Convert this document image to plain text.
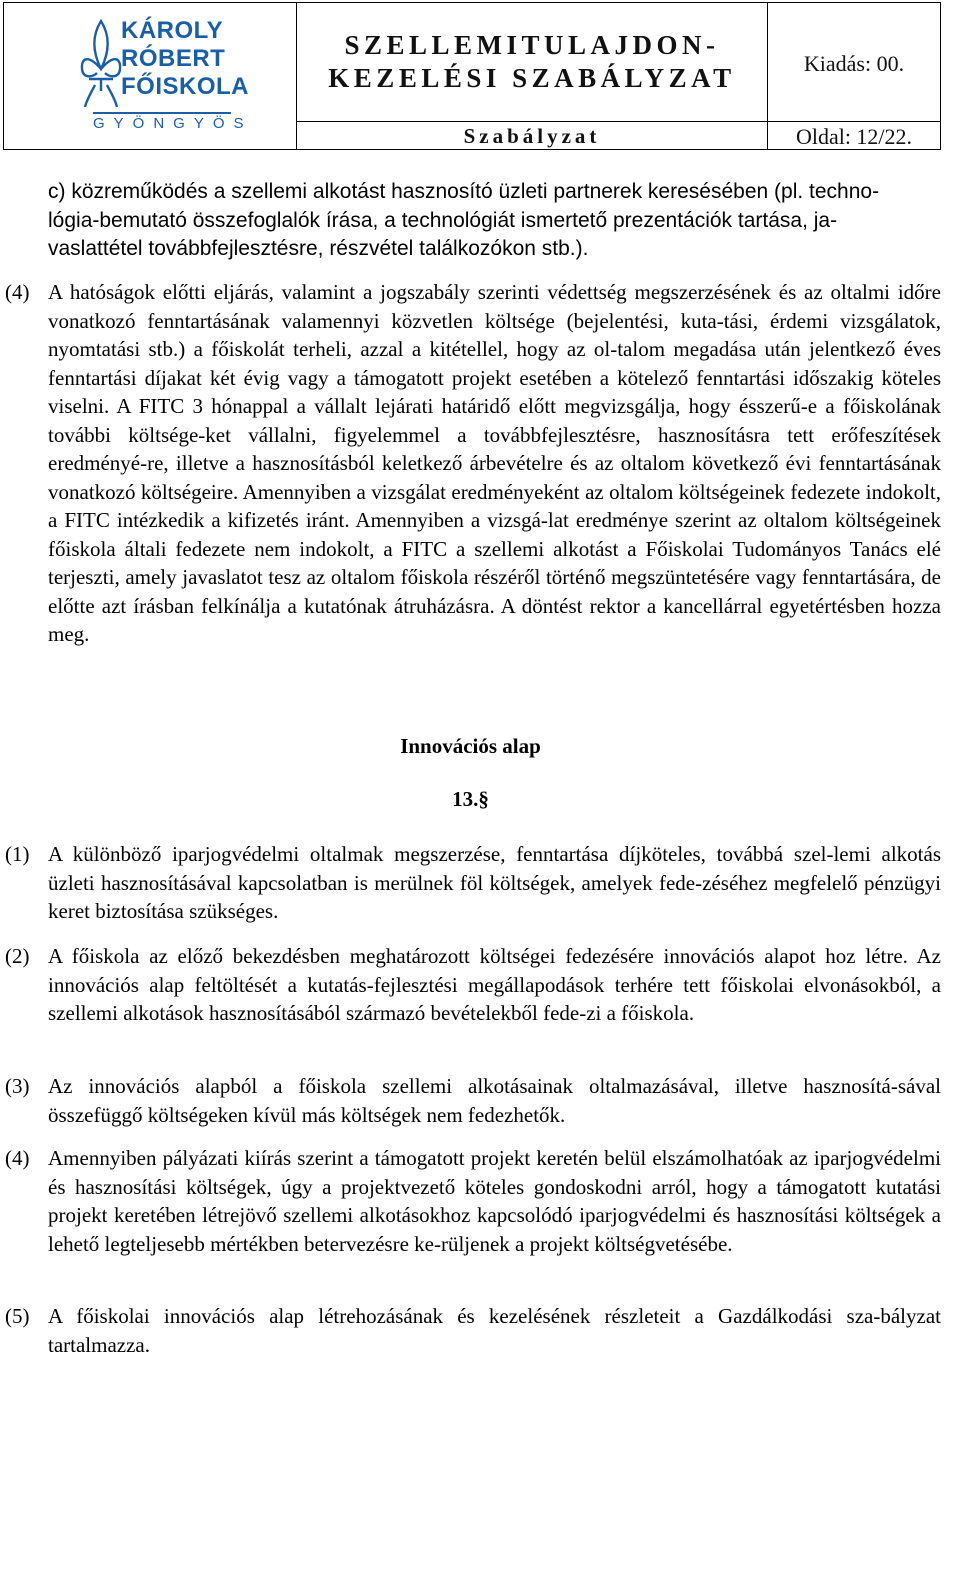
KÁROLY
RÓBERT
FŐISKOLA
GYÖNGYÖS
SZELLEMITULAJDON-
KEZELÉSI SZABÁLYZAT	Kiadás: 00.
Szabályzat	Oldal: 12/22.
c) közreműködés a szellemi alkotást hasznosító üzleti partnerek keresésében (pl. techno-
lógia-bemutató összefoglalók írása, a technológiát ismertető prezentációk tartása, ja-
vaslattétel továbbfejlesztésre, részvétel találkozókon stb.).
(4) A hatóságok előtti eljárás, valamint a jogszabály szerinti védettség megszerzésének és az oltalmi időre vonatkozó fenntartásának valamennyi közvetlen költsége (bejelentési, kuta-tási, érdemi vizsgálatok, nyomtatási stb.) a főiskolát terheli, azzal a kitétellel, hogy az ol-talom megadása után jelentkező éves fenntartási díjakat két évig vagy a támogatott projekt esetében a kötelező fenntartási időszakig köteles viselni. A FITC 3 hónappal a vállalt lejárati határidő előtt megvizsgálja, hogy ésszerű-e a főiskolának további költsége-ket vállalni, figyelemmel a továbbfejlesztésre, hasznosításra tett erőfeszítések eredményé-re, illetve a hasznosításból keletkező árbevételre és az oltalom következő évi fenntartásának vonatkozó költségeire. Amennyiben a vizsgálat eredményeként az oltalom költségeinek fedezete indokolt, a FITC intézkedik a kifizetés iránt. Amennyiben a vizsgá-lat eredménye szerint az oltalom költségeinek főiskola általi fedezete nem indokolt, a FITC a szellemi alkotást a Főiskolai Tudományos Tanács elé terjeszti, amely javaslatot tesz az oltalom főiskola részéről történő megszüntetésére vagy fenntartására, de előtte azt írásban felkínálja a kutatónak átruházásra. A döntést rektor a kancellárral egyetértésben hozza meg.

Innovációs alap
13.§
(1) A különböző iparjogvédelmi oltalmak megszerzése, fenntartása díjköteles, továbbá szel-lemi alkotás üzleti hasznosításával kapcsolatban is merülnek föl költségek, amelyek fede-zéséhez megfelelő pénzügyi keret biztosítása szükséges.

(2) A főiskola az előző bekezdésben meghatározott költségei fedezésére innovációs alapot hoz létre. Az innovációs alap feltöltését a kutatás-fejlesztési megállapodások terhére tett főiskolai elvonásokból, a szellemi alkotások hasznosításából származó bevételekből fede-zi a főiskola.

(3) Az innovációs alapból a főiskola szellemi alkotásainak oltalmazásával, illetve hasznosítá-sával összefüggő költségeken kívül más költségek nem fedezhetők.

(4) Amennyiben pályázati kiírás szerint a támogatott projekt keretén belül elszámolhatóak az iparjogvédelmi és hasznosítási költségek, úgy a projektvezető köteles gondoskodni arról, hogy a támogatott kutatási projekt keretében létrejövő szellemi alkotásokhoz kapcsolódó iparjogvédelmi és hasznosítási költségek a lehető legteljesebb mértékben betervezésre ke-rüljenek a projekt költségvetésébe.

(5) A főiskolai innovációs alap létrehozásának és kezelésének részleteit a Gazdálkodási sza-bályzat tartalmazza.
